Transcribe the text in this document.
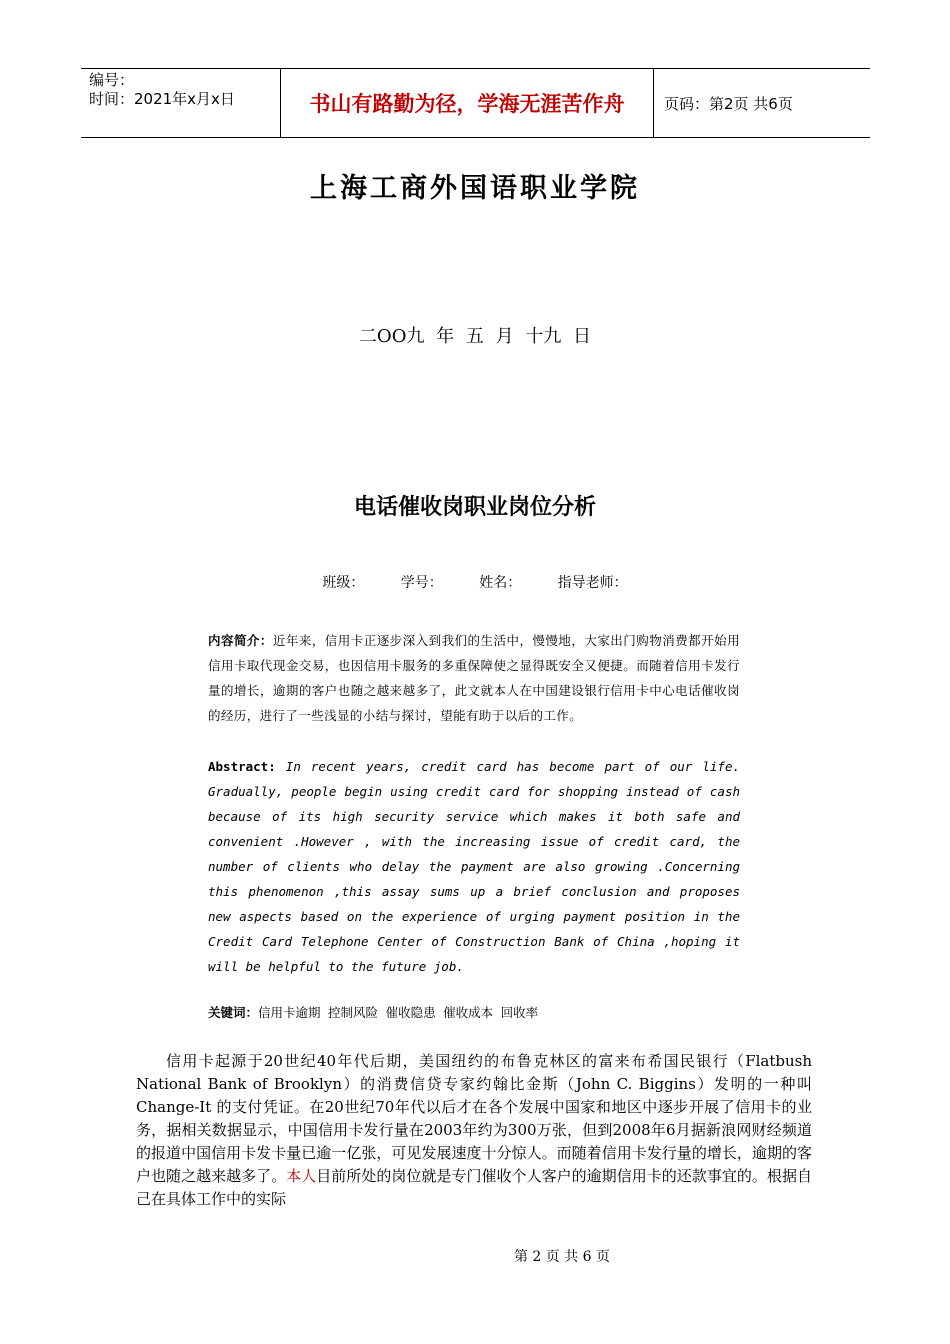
编号：
时间：2021年x月x日	书山有路勤为径，学海无涯苦作舟	页码：第2页 共6页
上海工商外国语职业学院
二OO九 年 五 月 十九 日
电话催收岗职业岗位分析
班级：	学号：	姓名：	指导老师：
内容简介：近年来，信用卡正逐步深入到我们的生活中，慢慢地，大家出门购物消费都开始用信用卡取代现金交易，也因信用卡服务的多重保障使之显得既安全又便捷。而随着信用卡发行量的增长，逾期的客户也随之越来越多了，此文就本人在中国建设银行信用卡中心电话催收岗的经历，进行了一些浅显的小结与探讨，望能有助于以后的工作。
Abstract: In recent years, credit card has become part of our life. Gradually, people begin using credit card for shopping instead of cash because of its high security service which makes it both safe and convenient .However , with the increasing issue of credit card, the number of clients who delay the payment are also growing .Concerning this phenomenon ,this assay sums up a brief conclusion and proposes new aspects based on the experience of urging payment position in the Credit Card Telephone Center of Construction Bank of China ,hoping it will be helpful to the future job.
关键词：信用卡逾期 控制风险 催收隐患 催收成本 回收率

信用卡起源于20世纪40年代后期，美国纽约的布鲁克林区的富来布希国民银行（Flatbush National Bank of Brooklyn）的消费信贷专家约翰比金斯（John C. Biggins）发明的一种叫Change-It 的支付凭证。在20世纪70年代以后才在各个发展中国家和地区中逐步开展了信用卡的业务，据相关数据显示，中国信用卡发行量在2003年约为300万张，但到2008年6月据新浪网财经频道的报道中国信用卡发卡量已逾一亿张，可见发展速度十分惊人。而随着信用卡发行量的增长，逾期的客户也随之越来越多了。本人目前所处的岗位就是专门催收个人客户的逾期信用卡的还款事宜的。根据自己在具体工作中的实际

第 2 页 共 6 页
